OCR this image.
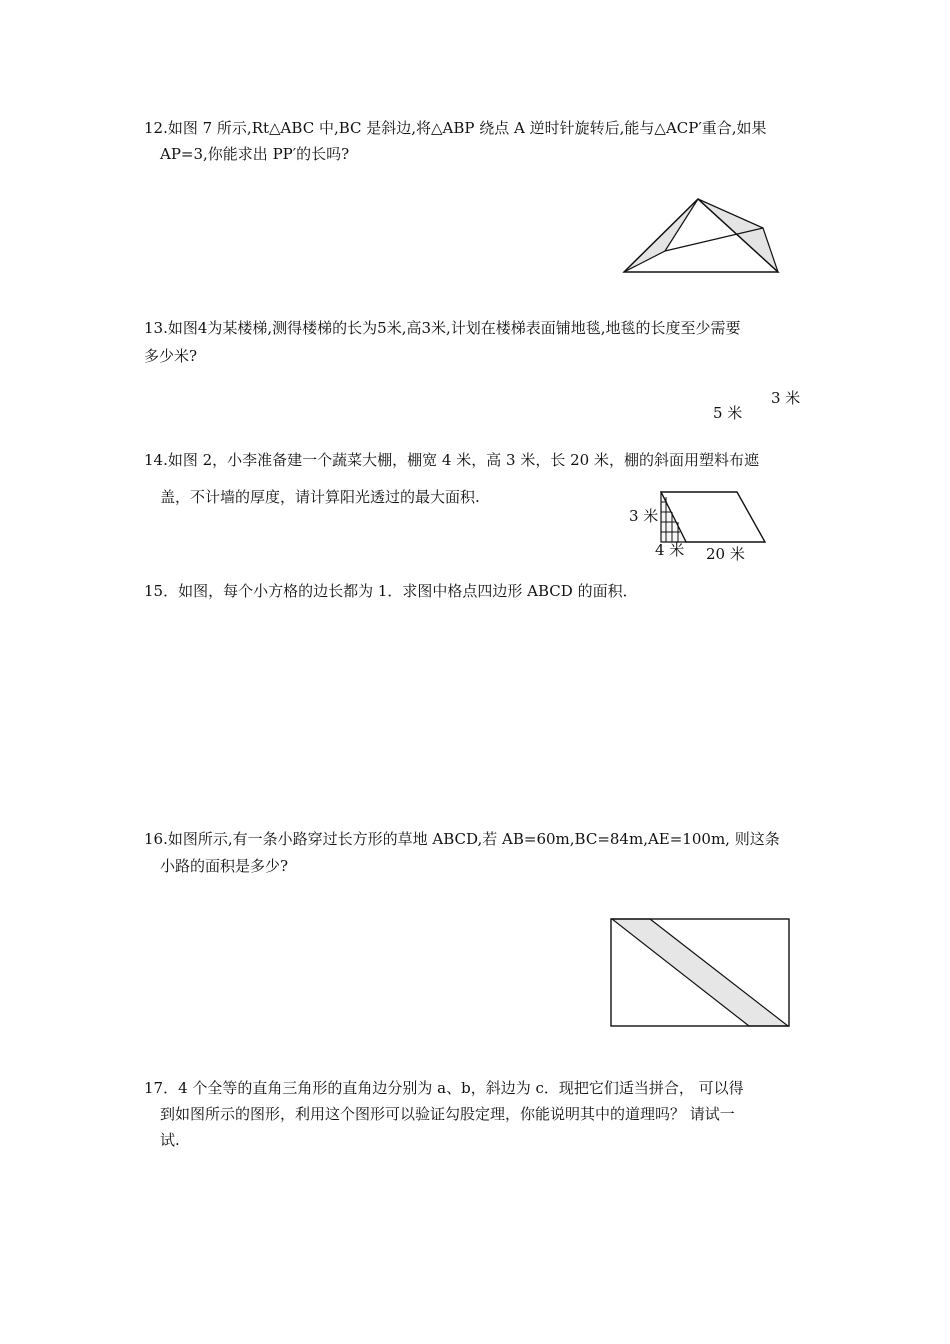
12.如图 7 所示,Rt△ABC 中,BC 是斜边,将△ABP 绕点 A 逆时针旋转后,能与△ACP′重合,如果
AP=3,你能求出 PP′的长吗?
13.如图4为某楼梯,测得楼梯的长为5米,高3米,计划在楼梯表面铺地毯,地毯的长度至少需要
多少米?
3 米
5 米
14.如图 2，小李准备建一个蔬菜大棚，棚宽 4 米，高 3 米，长 20 米，棚的斜面用塑料布遮
盖，不计墙的厚度，请计算阳光透过的最大面积.
3 米
4 米 20 米
15．如图，每个小方格的边长都为 1．求图中格点四边形 ABCD 的面积．
16.如图所示,有一条小路穿过长方形的草地 ABCD,若 AB=60m,BC=84m,AE=100m, 则这条
小路的面积是多少?
17．4 个全等的直角三角形的直角边分别为 a、b，斜边为 c．现把它们适当拼合， 可以得
到如图所示的图形，利用这个图形可以验证勾股定理，你能说明其中的道理吗？ 请试一
试.
